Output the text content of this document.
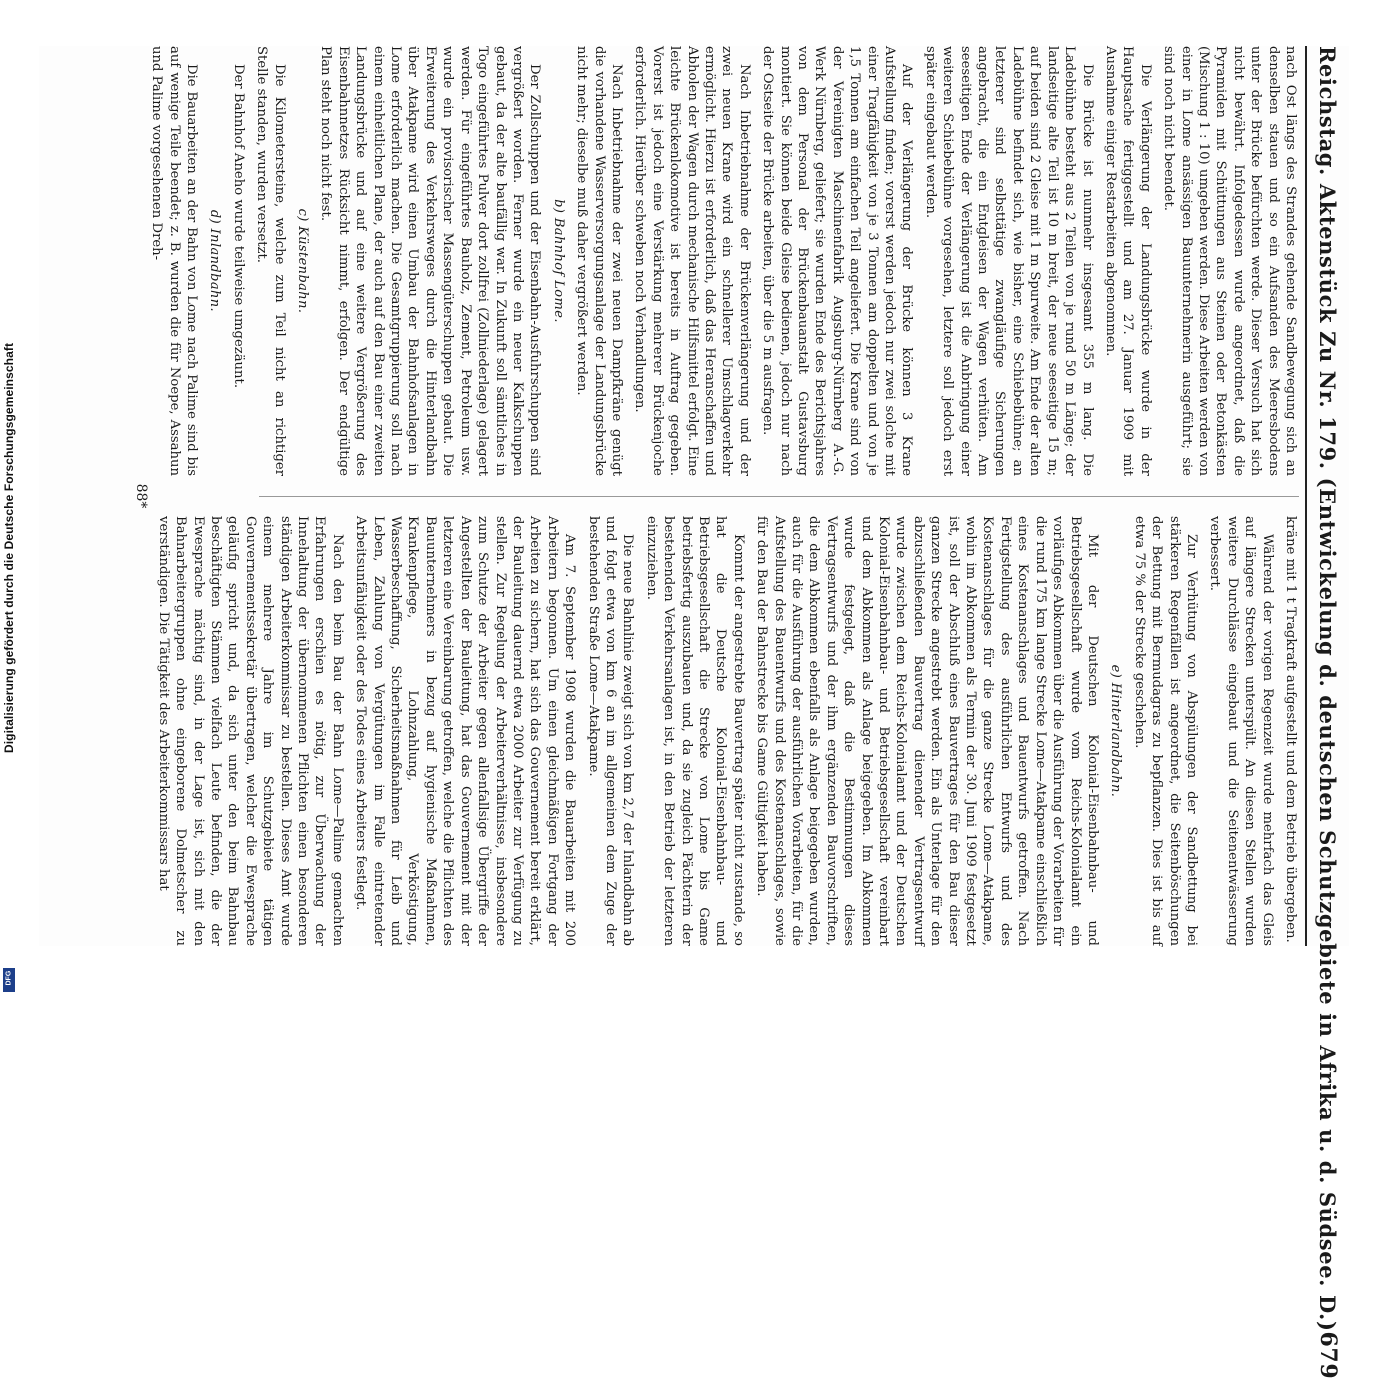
Digitalisierung gefördert durch die Deutsche Forschungsgemeinschaft
DFG	Reichstag. Aktenstück Zu Nr. 179. (Entwickelung d. deutschen Schutzgebiete in Afrika u. d. Südsee. D.)
679

nach Ost längs des Strandes gehende Sandbewegung sich an denselben stauen und so ein Aufsanden des Meeresbodens unter der Brücke befürchten werde. Dieser Versuch hat sich nicht bewährt. Infolgedessen wurde angeordnet, daß die Pyramiden mit Schüttungen aus Steinen oder Betonkästen (Mischung 1 : 10) umgeben werden. Diese Arbeiten werden von einer in Lome ansässigen Bauunternehmerin ausgeführt; sie sind noch nicht beendet.

Die Verlängerung der Landungsbrücke wurde in der Hauptsache fertiggestellt und am 27. Januar 1909 mit Ausnahme einiger Restarbeiten abgenommen.

Die Brücke ist nunmehr insgesamt 355 m lang. Die Ladebühne besteht aus 2 Teilen von je rund 50 m Länge; der landseitige alte Teil ist 10 m breit, der neue seeseitige 15 m; auf beiden sind 2 Gleise mit 1 m Spurweite. Am Ende der alten Ladebühne befindet sich, wie bisher, eine Schiebebühne; an letzterer sind selbsttätige zwangläufige Sicherungen angebracht, die ein Entgleisen der Wagen verhüten. Am seeseitigen Ende der Verlängerung ist die Anbringung einer weiteren Schiebebühne vorgesehen, letztere soll jedoch erst später eingebaut werden.

Auf der Verlängerung der Brücke können 3 Krane Aufstellung finden; vorerst werden jedoch nur zwei solche mit einer Tragfähigkeit von je 3 Tonnen am doppelten und von je 1,5 Tonnen am einfachen Teil angeliefert. Die Krane sind von der Vereinigten Maschinenfabrik Augsburg-Nürnberg A.-G. Werk Nürnberg, geliefert; sie wurden Ende des Berichtsjahres von dem Personal der Brückenbauanstalt Gustavsburg montiert. Sie können beide Gleise bedienen, jedoch nur nach der Ostseite der Brücke arbeiten, über die 5 m ausfragen.

Nach Inbetriebnahme der Brückenverlängerung und der zwei neuen Krane wird ein schnellerer Umschlagverkehr ermöglicht. Hierzu ist erforderlich, daß das Heranschaffen und Abholen der Wagen durch mechanische Hilfsmittel erfolgt. Eine leichte Brückenlokomotive ist bereits in Auftrag gegeben. Vorerst ist jedoch eine Verstärkung mehrerer Brückenjoche erforderlich. Hierüber schweben noch Verhandlungen.

Nach Inbetriebnahme der zwei neuen Dampfkräne genügt die vorhandene Wasserversorgungsanlage der Landungsbrücke nicht mehr; dieselbe muß daher vergrößert werden.

b) Bahnhof Lome.

Der Zollschuppen und der Eisenbahn-Ausfuhrschuppen sind vergrößert worden. Ferner wurde ein neuer Kalkschuppen gebaut, da der alte baufällig war. In Zukunft soll sämtliches in Togo eingeführtes Pulver dort zollfrei (Zollniederlage) gelagert werden. Für eingeführtes Bauholz, Zement, Petroleum usw. wurde ein provisorischer Massengüterschuppen gebaut. Die Erweiterung des Verkehrsweges durch die Hinterlandbahn über Atakpame wird einen Umbau der Bahnhofsanlagen in Lome erforderlich machen. Die Gesamtgruppierung soll nach einem einheitlichen Plane, der auch auf den Bau einer zweiten Landungsbrücke und auf eine weitere Vergrößerung des Eisenbahnnetzes Rücksicht nimmt, erfolgen. Der endgültige Plan steht noch nicht fest.

c) Küstenbahn.

Die Kilometersteine, welche zum Teil nicht an richtiger Stelle standen, wurden versetzt.

Der Bahnhof Aneho wurde teilweise umgezäunt.

d) Inlandbahn.

Die Bauarbeiten an der Bahn von Lome nach Palime sind bis auf wenige Teile beendet; z. B. wurden die für Noepe, Assahun und Palime vorgesehenen Dreh-

kräne mit 1 t Tragkraft aufgestellt und dem Betrieb übergeben.

Während der vorigen Regenzeit wurde mehrfach das Gleis auf längere Strecken unterspült. An diesen Stellen wurden weitere Durchlässe eingebaut und die Seitenentwässerung verbessert.

Zur Verhütung von Abspülungen der Sandbettung bei stärkeren Regenfällen ist angeordnet, die Seitenböschungen der Bettung mit Bermudagras zu bepflanzen. Dies ist bis auf etwa 75 % der Strecke geschehen.

e) Hinterlandbahn.

Mit der Deutschen Kolonial-Eisenbahnbau- und Betriebsgesellschaft wurde vom Reichs-Kolonialamt ein vorläufiges Abkommen über die Ausführung der Vorarbeiten für die rund 175 km lange Strecke Lome—Atakpame einschließlich eines Kostenanschlages und Bauentwurfs getroffen. Nach Fertigstellung des ausführlichen Entwurfs und des Kostenanschlages für die ganze Strecke Lome—Atakpame, wohin im Abkommen als Termin der 30. Juni 1909 festgesetzt ist, soll der Abschluß eines Bauvertrages für den Bau dieser ganzen Strecke angestrebt werden. Ein als Unterlage für den abzuschließenden Bauvertrag dienender Vertragsentwurf wurde zwischen dem Reichs-Kolonialamt und der Deutschen Kolonial-Eisenbahnbau- und Betriebsgesellschaft vereinbart und dem Abkommen als Anlage beigegeben. Im Abkommen wurde festgelegt, daß die Bestimmungen dieses Vertragsentwurfs und der ihm ergänzenden Bauvorschriften, die dem Abkommen ebenfalls als Anlage beigegeben wurden, auch für die Ausführung der ausführlichen Vorarbeiten, für die Aufstellung des Bauentwurfs und des Kostenanschlages, sowie für den Bau der Bahnstrecke bis Game Gültigkeit haben.

Kommt der angestrebte Bauvertrag später nicht zustande, so hat die Deutsche Kolonial-Eisenbahnbau- und Betriebsgesellschaft die Strecke von Lome bis Game betriebsfertig auszubauen und, da sie zugleich Pächterin der bestehenden Verkehrsanlagen ist, in den Betrieb der letzteren einzuziehen.

Die neue Bahnlinie zweigt sich von km 2,7 der Inlandbahn ab und folgt etwa von km 6 an im allgemeinen dem Zuge der bestehenden Straße Lome—Atakpame.

Am 7. September 1908 wurden die Bauarbeiten mit 200 Arbeitern begonnen. Um einen gleichmäßigen Fortgang der Arbeiten zu sichern, hat sich das Gouvernement bereit erklärt, der Bauleitung dauernd etwa 2000 Arbeiter zur Verfügung zu stellen. Zur Regelung der Arbeiterverhältnisse, insbesondere zum Schutze der Arbeiter gegen allenfallsige Übergriffe der Angestellten der Bauleitung, hat das Gouvernement mit der letzteren eine Vereinbarung getroffen, welche die Pflichten des Bauunternehmers in bezug auf hygienische Maßnahmen, Krankenpflege, Lohnzahlung, Verköstigung, Wasserbeschaffung, Sicherheitsmaßnahmen für Leib und Leben, Zahlung von Vergütungen im Falle eintretender Arbeitsunfähigkeit oder des Todes eines Arbeiters festlegt.

Nach den beim Bau der Bahn Lome—Palime gemachten Erfahrungen erschien es nötig, zur Überwachung der Innehaltung der übernommenen Pflichten einen besonderen ständigen Arbeiterkommissar zu bestellen. Dieses Amt wurde einem mehrere Jahre im Schutzgebiete tätigen Gouvernementssekretär übertragen, welcher die Ewesprache geläufig spricht und, da sich unter den beim Bahnbau beschäftigten Stämmen vielfach Leute befinden, die der Ewesprache mächtig sind, in der Lage ist, sich mit den Bahnarbeitergruppen ohne eingeborene Dolmetscher zu verständigen. Die Tätigkeit des Arbeiterkommissars hat

88*
